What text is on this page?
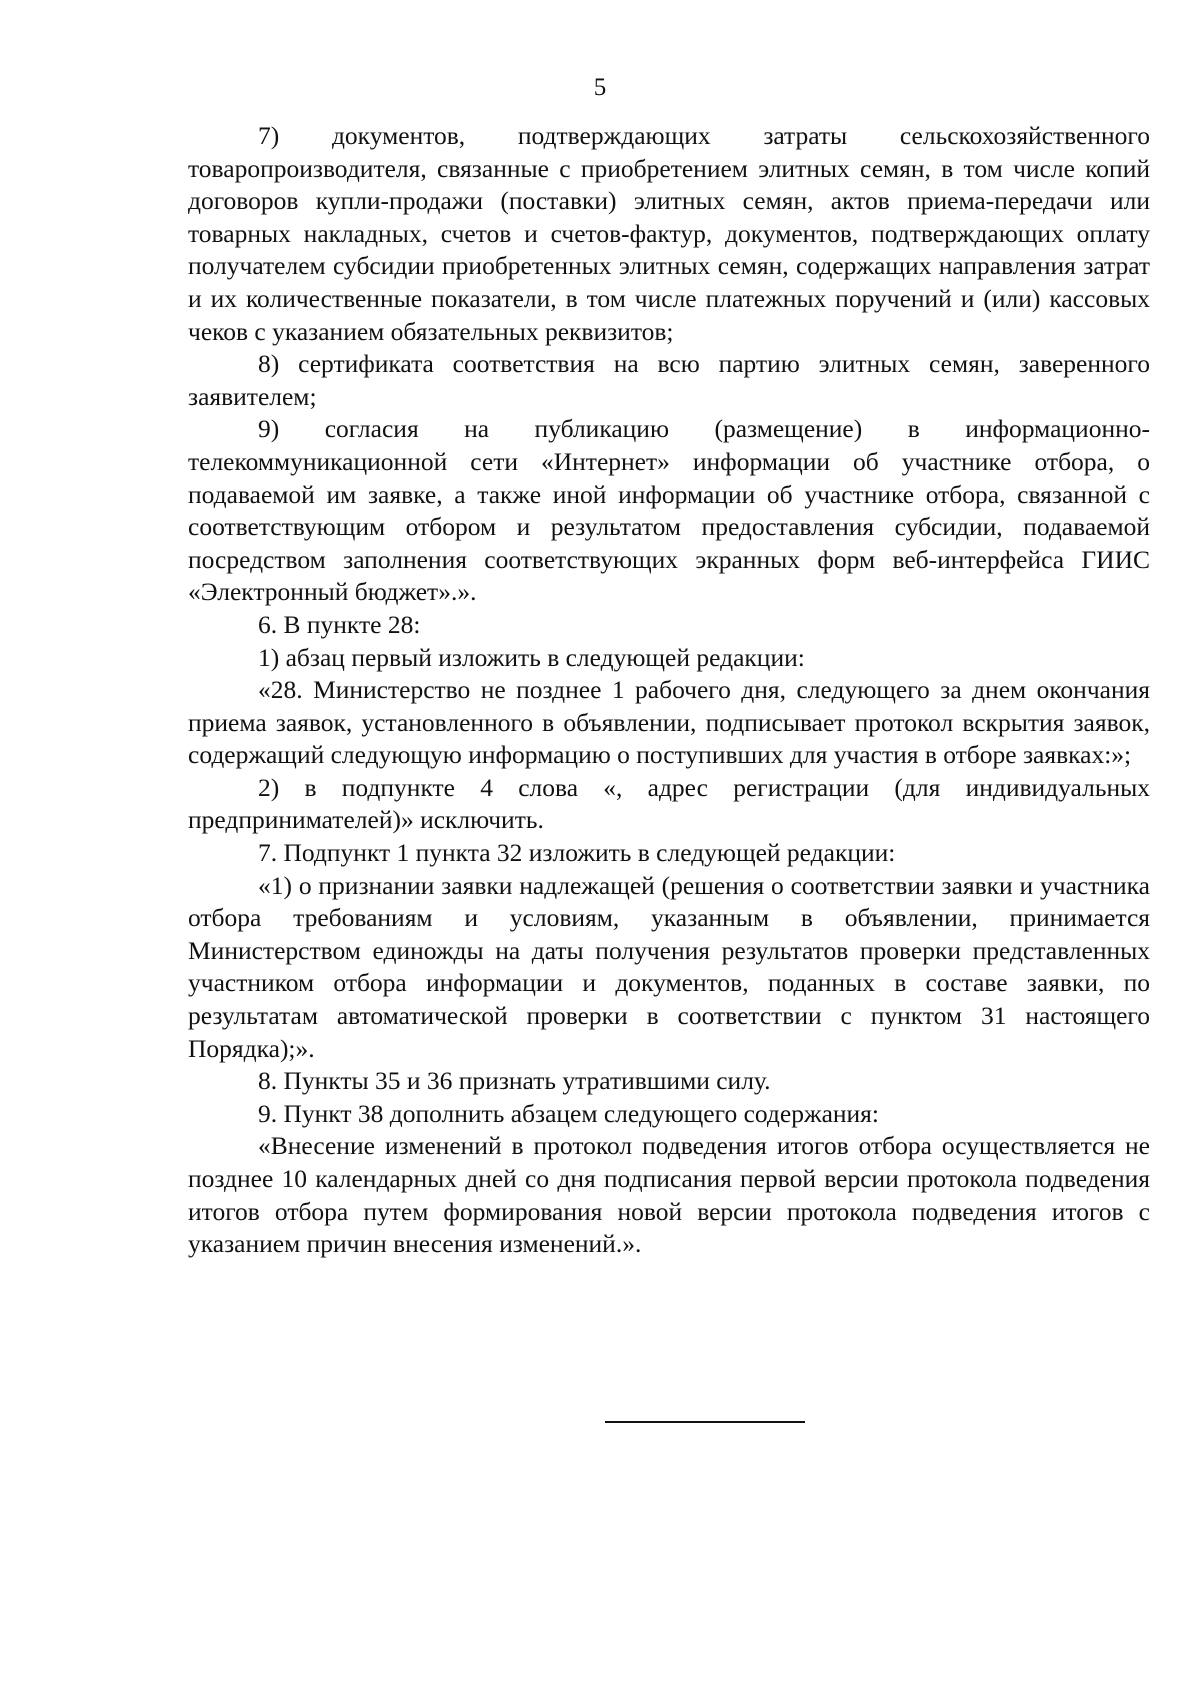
5

7) документов, подтверждающих затраты сельскохозяйственного товаропроизводителя, связанные с приобретением элитных семян, в том числе копий договоров купли-продажи (поставки) элитных семян, актов приема-передачи или товарных накладных, счетов и счетов-фактур, документов, подтверждающих оплату получателем субсидии приобретенных элитных семян, содержащих направления затрат и их количественные показатели, в том числе платежных поручений и (или) кассовых чеков с указанием обязательных реквизитов;

8) сертификата соответствия на всю партию элитных семян, заверенного заявителем;

9) согласия на публикацию (размещение) в информационно-телекоммуникационной сети «Интернет» информации об участнике отбора, о подаваемой им заявке, а также иной информации об участнике отбора, связанной с соответствующим отбором и результатом предоставления субсидии, подаваемой посредством заполнения соответствующих экранных форм веб-интерфейса ГИИС «Электронный бюджет».».

6. В пункте 28:

1) абзац первый изложить в следующей редакции:

«28. Министерство не позднее 1 рабочего дня, следующего за днем окончания приема заявок, установленного в объявлении, подписывает протокол вскрытия заявок, содержащий следующую информацию о поступивших для участия в отборе заявках:»;

2) в подпункте 4 слова «, адрес регистрации (для индивидуальных предпринимателей)» исключить.

7. Подпункт 1 пункта 32 изложить в следующей редакции:

«1) о признании заявки надлежащей (решения о соответствии заявки и участника отбора требованиям и условиям, указанным в объявлении, принимается Министерством единожды на даты получения результатов проверки представленных участником отбора информации и документов, поданных в составе заявки, по результатам автоматической проверки в соответствии с пунктом 31 настоящего Порядка);».

8. Пункты 35 и 36 признать утратившими силу.

9. Пункт 38 дополнить абзацем следующего содержания:

«Внесение изменений в протокол подведения итогов отбора осуществляется не позднее 10 календарных дней со дня подписания первой версии протокола подведения итогов отбора путем формирования новой версии протокола подведения итогов с указанием причин внесения изменений.».
